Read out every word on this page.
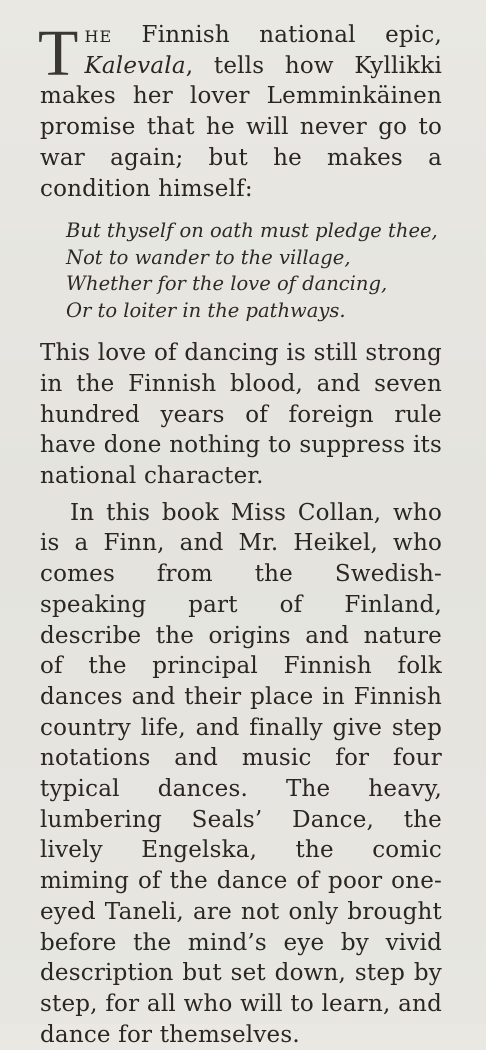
The Finnish national epic, Kalevala, tells how Kyllikki makes her lover Lemminkäinen promise that he will never go to war again; but he makes a condition himself:

But thyself on oath must pledge thee,
Not to wander to the village,
Whether for the love of dancing,
Or to loiter in the pathways.

This love of dancing is still strong in the Finnish blood, and seven hundred years of foreign rule have done nothing to suppress its national character.

In this book Miss Collan, who is a Finn, and Mr. Heikel, who comes from the Swedish-speaking part of Finland, describe the origins and nature of the principal Finnish folk dances and their place in Finnish country life, and finally give step notations and music for four typical dances. The heavy, lumbering Seals’ Dance, the lively Engelska, the comic miming of the dance of poor one-eyed Taneli, are not only brought before the mind’s eye by vivid description but set down, step by step, for all who will to learn, and dance for themselves.
